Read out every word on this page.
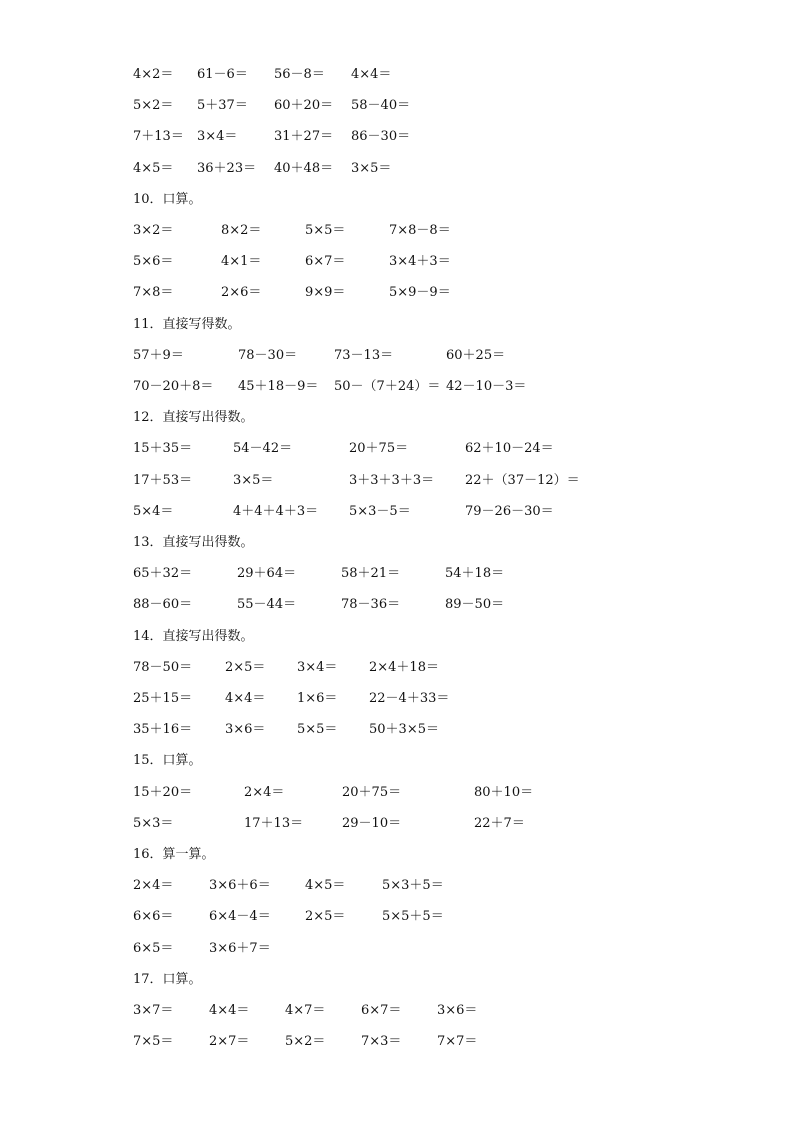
4×2＝ 61－6＝ 56－8＝ 4×4＝
5×2＝ 5＋37＝ 60＋20＝ 58－40＝
7＋13＝ 3×4＝	31＋27＝ 86－30＝
4×5＝ 36＋23＝ 40＋48＝ 3×5＝
10．口算。
3×2＝	8×2＝	5×5＝	7×8－8＝
5×6＝	4×1＝	6×7＝	3×4＋3＝
7×8＝	2×6＝	9×9＝	5×9－9＝
11．直接写得数。
57＋9＝	78－30＝	73－13＝	60＋25＝
70－20＋8＝ 45＋18－9＝ 50－（7＋24）＝ 42－10－3＝
12．直接写出得数。
15＋35＝	54－42＝	20＋75＝	62＋10－24＝
17＋53＝	3×5＝	3＋3＋3＋3＝ 22＋（37－12）＝
5×4＝	4＋4＋4＋3＝ 5×3－5＝	79－26－30＝
13．直接写出得数。
65＋32＝	29＋64＝	58＋21＝	54＋18＝
88－60＝	55－44＝	78－36＝	89－50＝
14．直接写出得数。
78－50＝	2×5＝ 3×4＝ 2×4＋18＝
25＋15＝	4×4＝ 1×6＝ 22－4＋33＝
35＋16＝	3×6＝ 5×5＝ 50＋3×5＝
15．口算。
15＋20＝	2×4＝	20＋75＝	80＋10＝
5×3＝	17＋13＝	29－10＝	22＋7＝
16．算一算。
2×4＝	3×6＋6＝	4×5＝	5×3＋5＝
6×6＝	6×4－4＝	2×5＝	5×5＋5＝
6×5＝	3×6＋7＝
17．口算。
3×7＝	4×4＝	4×7＝	6×7＝	3×6＝
7×5＝	2×7＝	5×2＝	7×3＝	7×7＝
